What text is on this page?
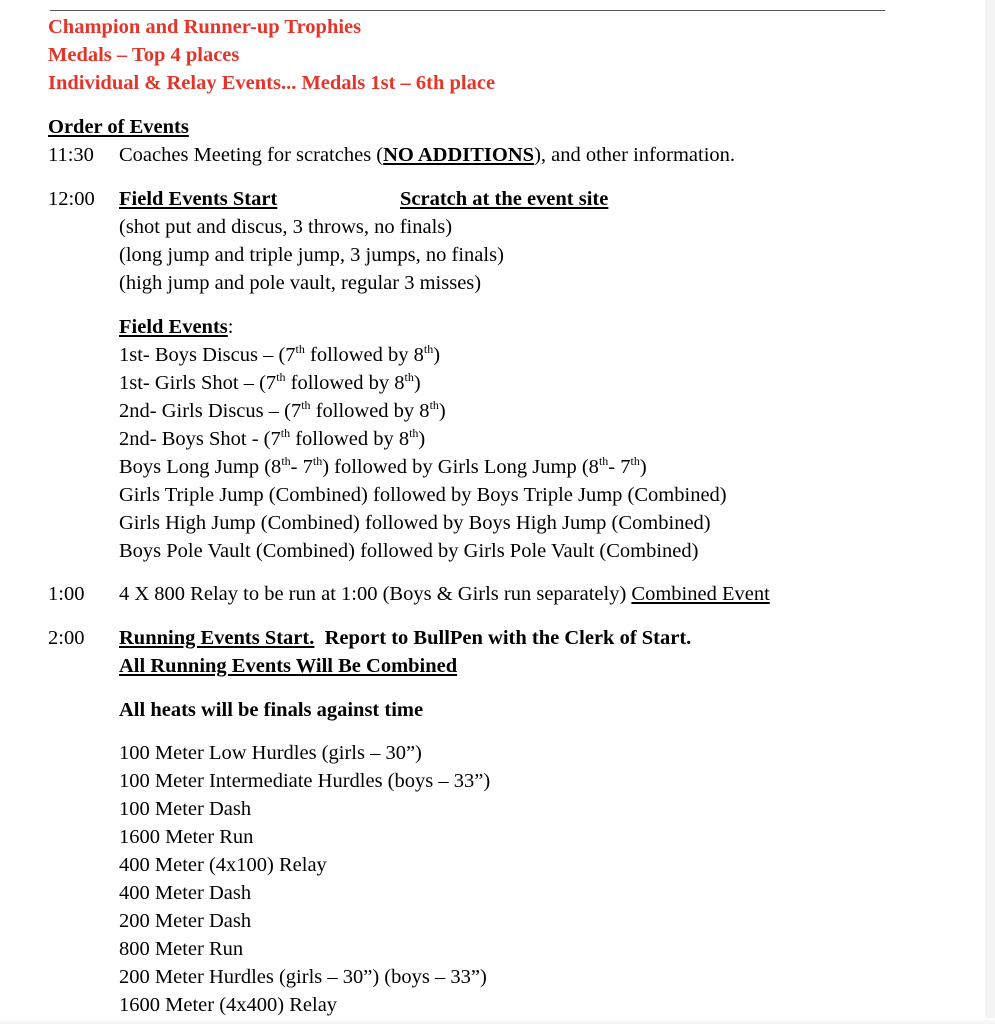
Champion and Runner-up Trophies
Medals – Top 4 places
Individual & Relay Events... Medals 1st – 6th place
Order of Events
11:30 Coaches Meeting for scratches (NO ADDITIONS), and other information.
12:00 Field Events Start	Scratch at the event site
(shot put and discus, 3 throws, no finals)
(long jump and triple jump, 3 jumps, no finals)
(high jump and pole vault, regular 3 misses)
Field Events:
1st- Boys Discus – (7th followed by 8th)
1st- Girls Shot – (7th followed by 8th)
2nd- Girls Discus – (7th followed by 8th)
2nd- Boys Shot - (7th followed by 8th)
Boys Long Jump (8th- 7th) followed by Girls Long Jump (8th- 7th)
Girls Triple Jump (Combined) followed by Boys Triple Jump (Combined)
Girls High Jump (Combined) followed by Boys High Jump (Combined)
Boys Pole Vault (Combined) followed by Girls Pole Vault (Combined)
1:00 4 X 800 Relay to be run at 1:00 (Boys & Girls run separately) Combined Event
2:00 Running Events Start.  Report to BullPen with the Clerk of Start.
All Running Events Will Be Combined
All heats will be finals against time
100 Meter Low Hurdles (girls – 30”)
100 Meter Intermediate Hurdles (boys – 33”)
100 Meter Dash
1600 Meter Run
400 Meter (4x100) Relay
400 Meter Dash
200 Meter Dash
800 Meter Run
200 Meter Hurdles (girls – 30”) (boys – 33”)
1600 Meter (4x400) Relay
